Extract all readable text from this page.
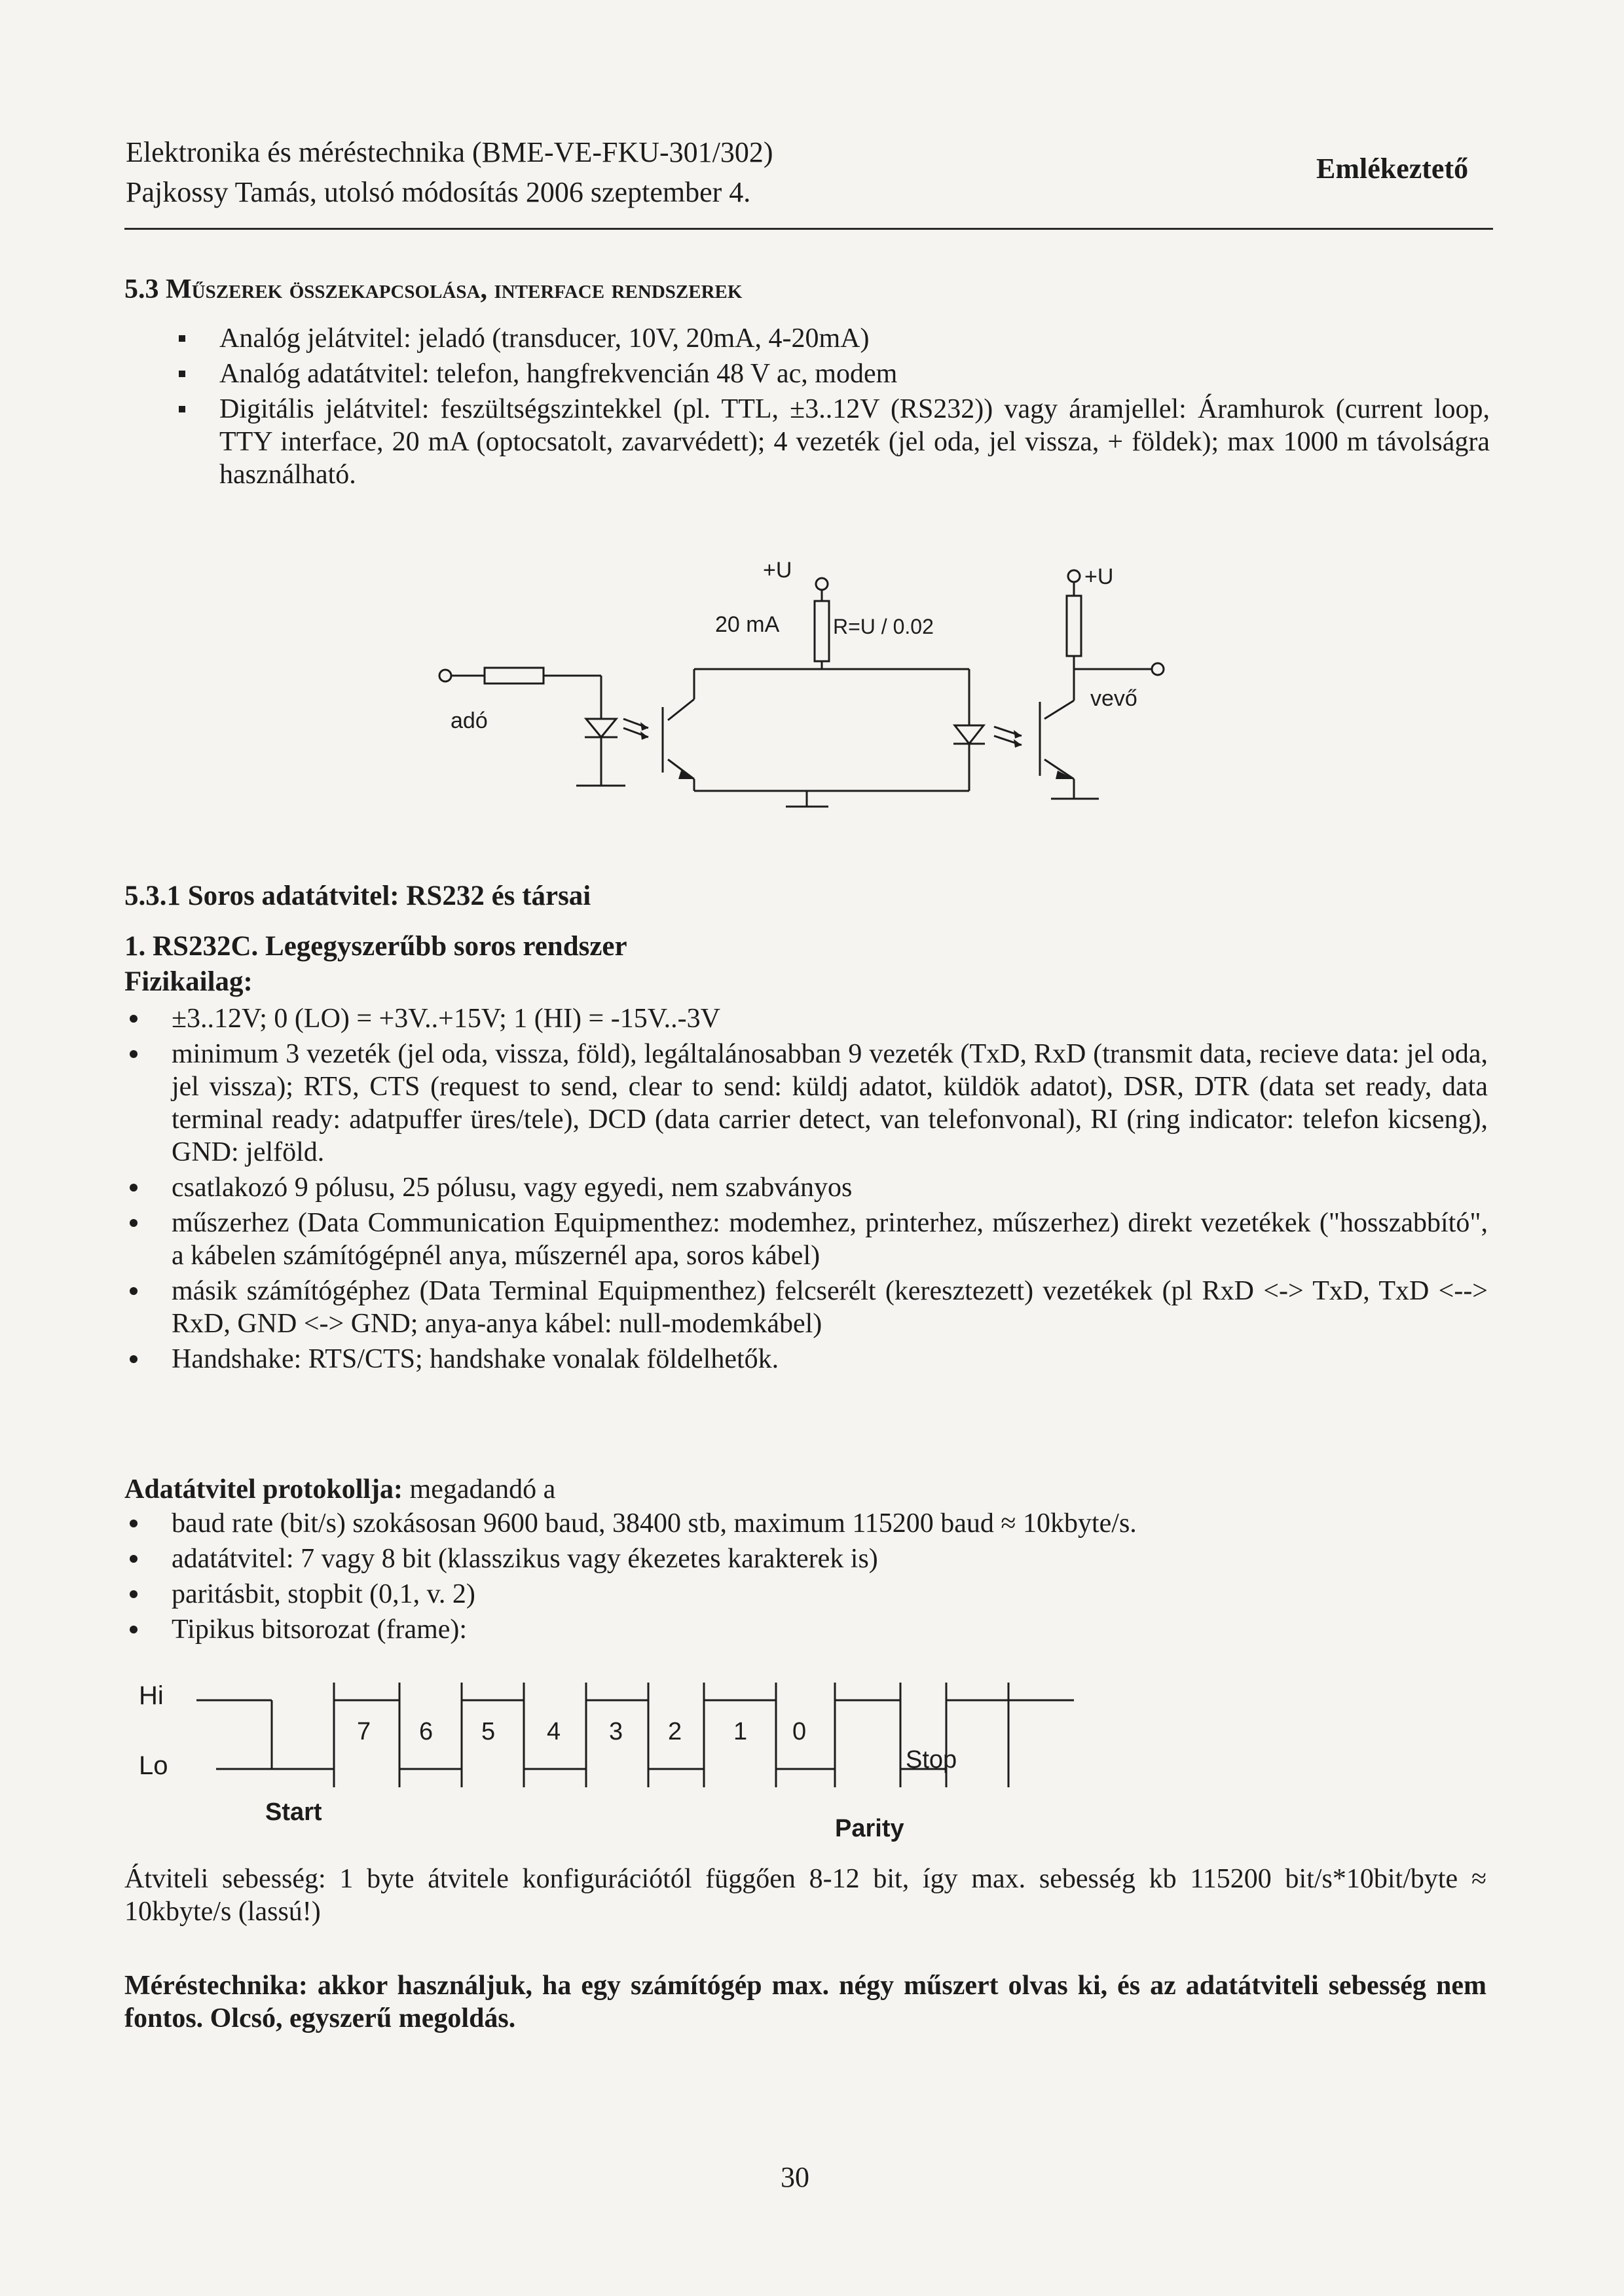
Elektronika és méréstechnika (BME-VE-FKU-301/302)
Pajkossy Tamás, utolsó módosítás 2006 szeptember 4.
Emlékeztető
5.3 Műszerek összekapcsolása, interface rendszerek
Analóg jelátvitel: jeladó (transducer, 10V, 20mA, 4-20mA)
Analóg adatátvitel: telefon, hangfrekvencián 48 V ac, modem
Digitális jelátvitel: feszültségszintekkel (pl. TTL, ±3..12V (RS232)) vagy áramjellel: Áramhurok (current loop, TTY interface, 20 mA (optocsatolt, zavarvédett); 4 vezeték (jel oda, jel vissza, + földek); max 1000 m távolságra használható.
+U	+U
20 mA	R=U / 0.02
adó
vevő
5.3.1 Soros adatátvitel: RS232 és társai
1. RS232C. Legegyszerűbb soros rendszer
Fizikailag:
±3..12V; 0 (LO) = +3V..+15V; 1 (HI) = -15V..-3V
minimum 3 vezeték (jel oda, vissza, föld), legáltalánosabban 9 vezeték (TxD, RxD (transmit data, recieve data: jel oda, jel vissza); RTS, CTS (request to send, clear to send: küldj adatot, küldök adatot), DSR, DTR (data set ready, data terminal ready: adatpuffer üres/tele), DCD (data carrier detect, van telefonvonal), RI (ring indicator: telefon kicseng), GND: jelföld.
csatlakozó 9 pólusu, 25 pólusu, vagy egyedi, nem szabványos
műszerhez (Data Communication Equipmenthez: modemhez, printerhez, műszerhez) direkt vezetékek ("hosszabbító", a kábelen számítógépnél anya, műszernél apa, soros kábel)
másik számítógéphez (Data Terminal Equipmenthez) felcserélt (keresztezett) vezetékek (pl RxD <-> TxD, TxD <--> RxD, GND <-> GND; anya-anya kábel: null-modemkábel)
Handshake: RTS/CTS; handshake vonalak földelhetők.
Adatátvitel protokollja: megadandó a
baud rate (bit/s) szokásosan 9600 baud, 38400 stb, maximum 115200 baud ≈ 10kbyte/s.
adatátvitel: 7 vagy 8 bit (klasszikus vagy ékezetes karakterek is)
paritásbit, stopbit (0,1, v. 2)
Tipikus bitsorozat (frame):
Hi
Lo
7 6 5 4 3 2 1 0
Stop
Start
Parity
Átviteli sebesség: 1 byte átvitele konfigurációtól függően 8-12 bit, így max. sebesség kb 115200 bit/s*10bit/byte ≈ 10kbyte/s (lassú!)
Méréstechnika: akkor használjuk, ha egy számítógép max. négy műszert olvas ki, és az adatátviteli sebesség nem fontos. Olcsó, egyszerű megoldás.
30
